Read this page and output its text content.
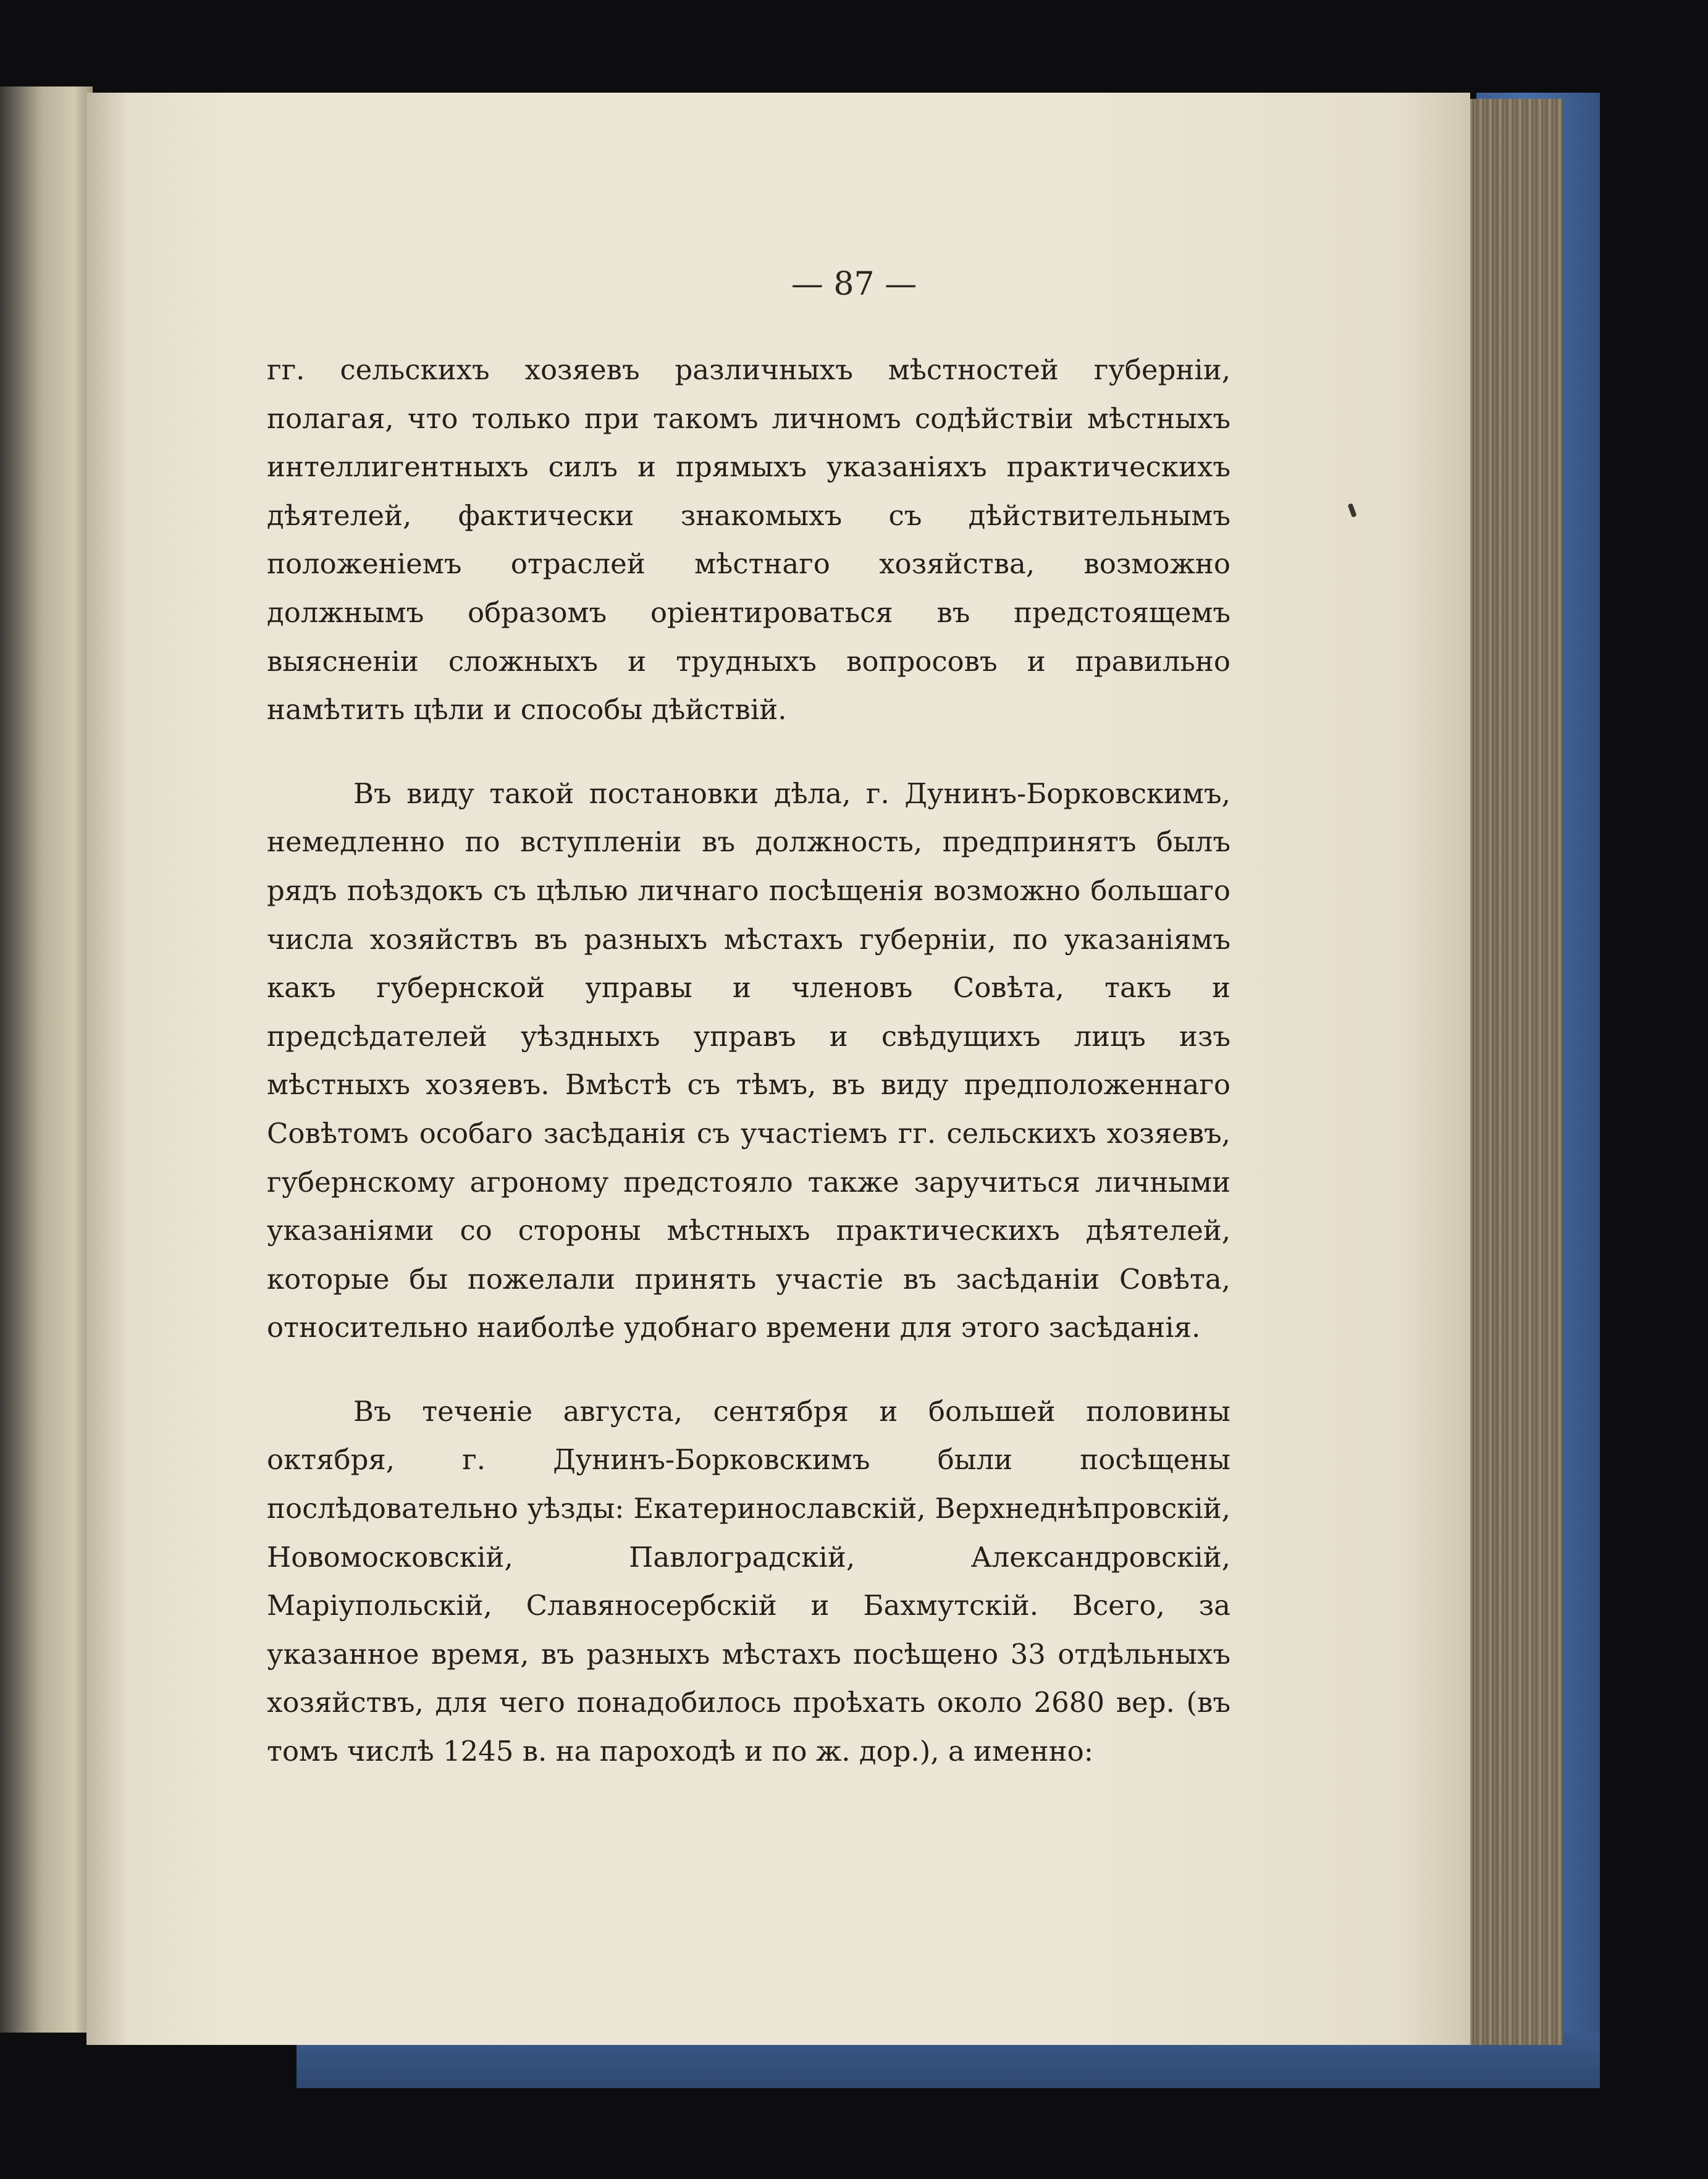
— 87 —

гг. сельскихъ хозяевъ различныхъ мѣстностей губерніи, полагая, что только при такомъ личномъ содѣйствіи мѣстныхъ интеллигентныхъ силъ и прямыхъ указаніяхъ практическихъ дѣятелей, фактически знакомыхъ съ дѣйствительнымъ положеніемъ отраслей мѣстнаго хозяйства, возможно должнымъ образомъ оріентироваться въ предстоящемъ выясненіи сложныхъ и трудныхъ вопросовъ и правильно намѣтить цѣли и способы дѣйствій.

Въ виду такой постановки дѣла, г. Дунинъ-Борковскимъ, немедленно по вступленіи въ должность, предпринятъ былъ рядъ поѣздокъ съ цѣлью личнаго посѣщенія возможно большаго числа хозяйствъ въ разныхъ мѣстахъ губерніи, по указаніямъ какъ губернской управы и членовъ Совѣта, такъ и предсѣдателей уѣздныхъ управъ и свѣдущихъ лицъ изъ мѣстныхъ хозяевъ. Вмѣстѣ съ тѣмъ, въ виду предположеннаго Совѣтомъ особаго засѣданія съ участіемъ гг. сельскихъ хозяевъ, губернскому агроному предстояло также заручиться личными указаніями со стороны мѣстныхъ практическихъ дѣятелей, которые бы пожелали принять участіе въ засѣданіи Совѣта, относительно наиболѣе удобнаго времени для этого засѣданія.

Въ теченіе августа, сентября и большей половины октября, г. Дунинъ-Борковскимъ были посѣщены послѣдовательно уѣзды: Екатеринославскій, Верхнеднѣпровскій, Новомосковскій, Павлоградскій, Александровскій, Маріупольскій, Славяносербскій и Бахмутскій. Всего, за указанное время, въ разныхъ мѣстахъ посѣщено 33 отдѣльныхъ хозяйствъ, для чего понадобилось проѣхать около 2680 вер. (въ томъ числѣ 1245 в. на пароходѣ и по ж. дор.), а именно:
